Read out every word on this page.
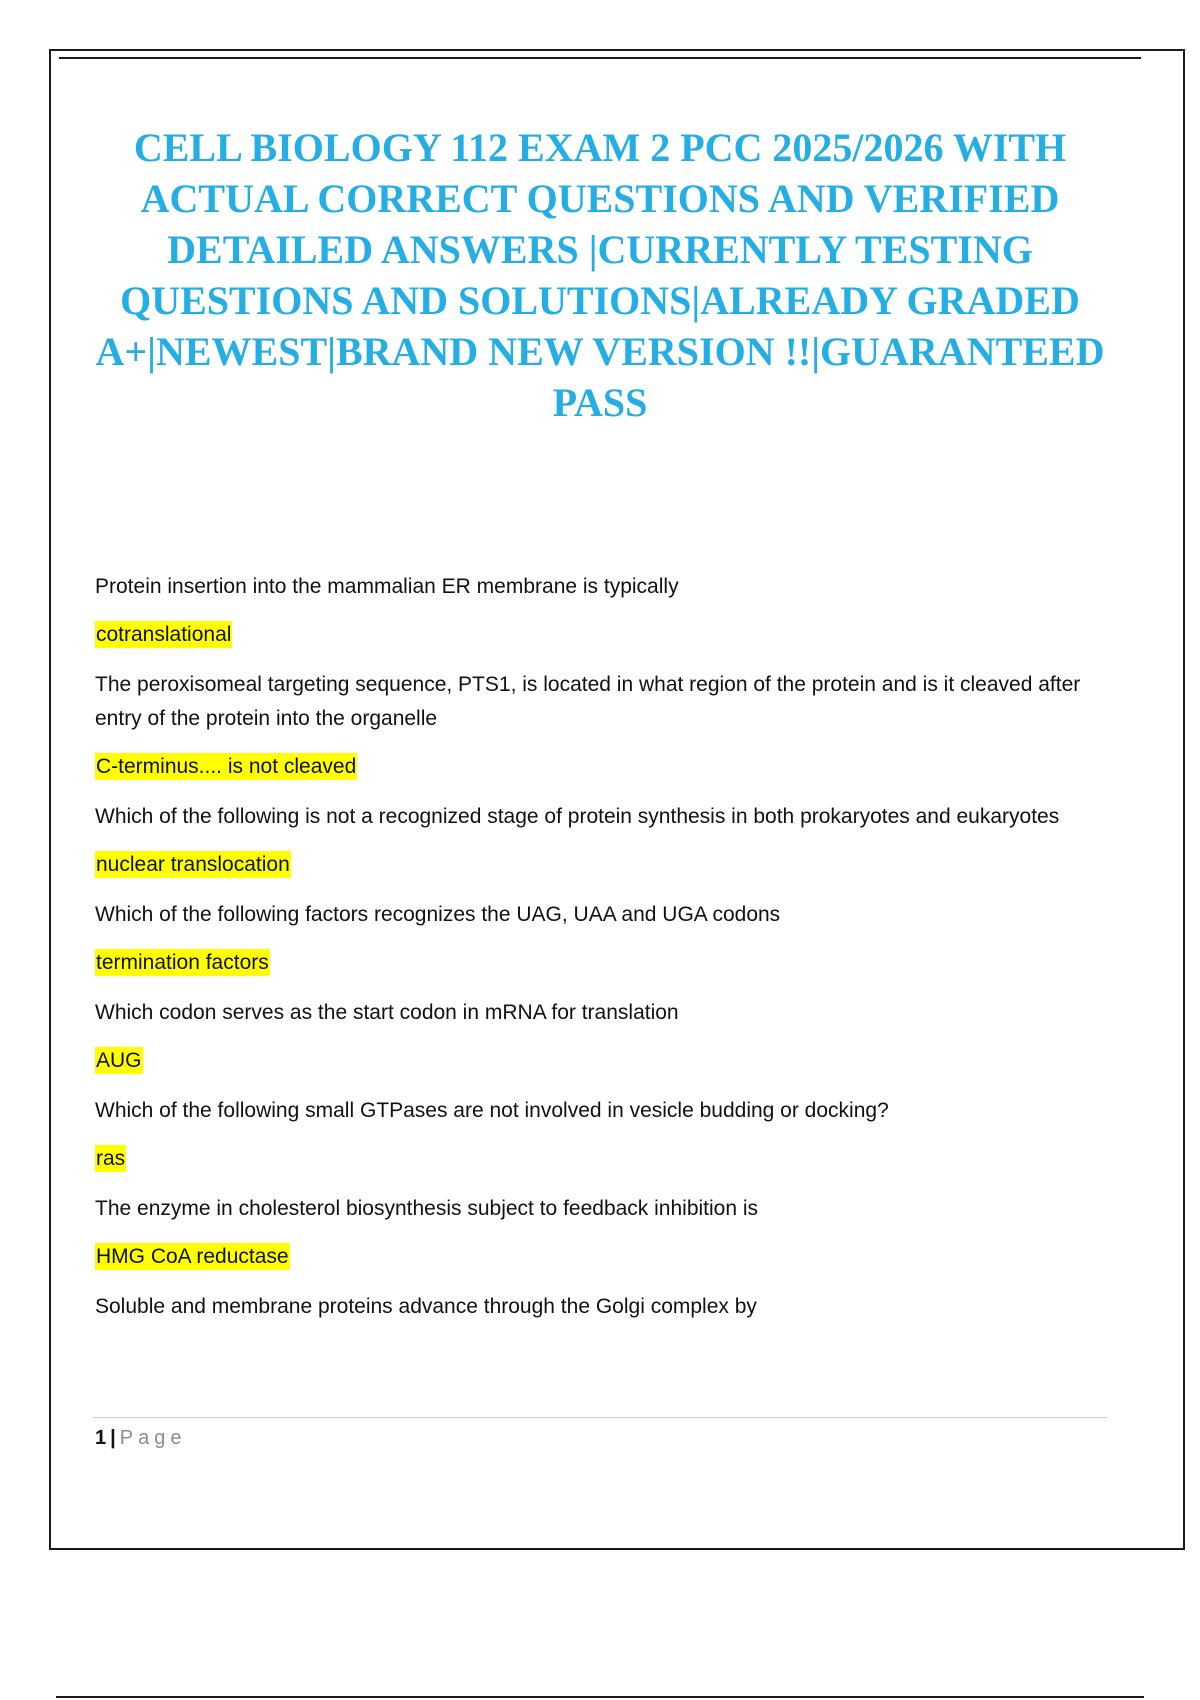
CELL BIOLOGY 112 EXAM 2 PCC 2025/2026 WITH ACTUAL CORRECT QUESTIONS AND VERIFIED DETAILED ANSWERS |CURRENTLY TESTING QUESTIONS AND SOLUTIONS|ALREADY GRADED A+|NEWEST|BRAND NEW VERSION !!|GUARANTEED PASS
Protein insertion into the mammalian ER membrane is typically
cotranslational
The peroxisomeal targeting sequence, PTS1, is located in what region of the protein and is it cleaved after entry of the protein into the organelle
C-terminus.... is not cleaved
Which of the following is not a recognized stage of protein synthesis in both prokaryotes and eukaryotes
nuclear translocation
Which of the following factors recognizes the UAG, UAA and UGA codons
termination factors
Which codon serves as the start codon in mRNA for translation
AUG
Which of the following small GTPases are not involved in vesicle budding or docking?
ras
The enzyme in cholesterol biosynthesis subject to feedback inhibition is
HMG CoA reductase
Soluble and membrane proteins advance through the Golgi complex by
1 | Page
